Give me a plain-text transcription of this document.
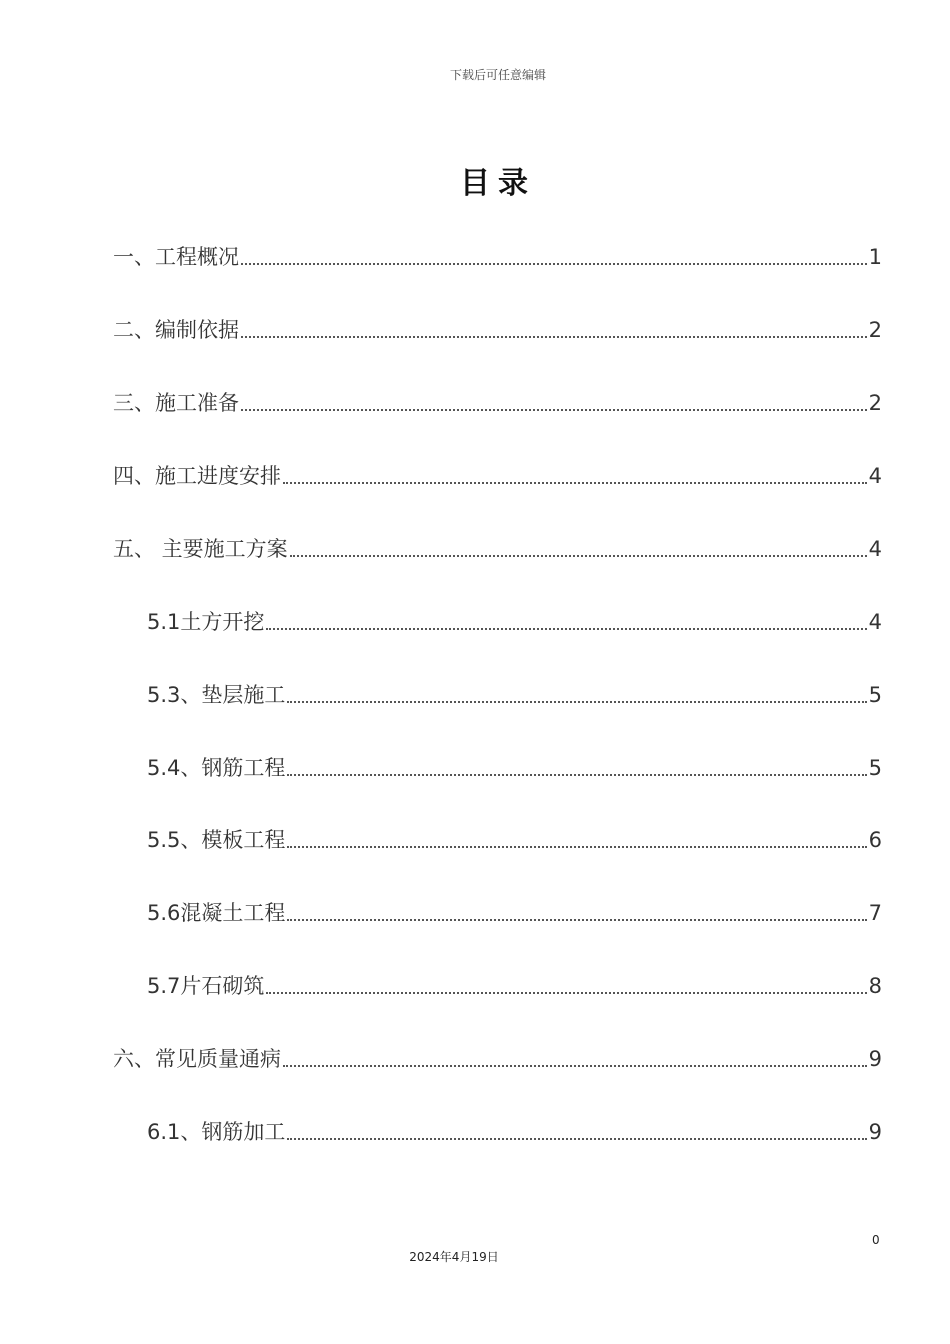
下载后可任意编辑
目录
一、工程概况	1
二、编制依据	2
三、施工准备	2
四、施工进度安排	4
五、 主要施工方案	4
5.1土方开挖	4
5.3、垫层施工	5
5.4、钢筋工程	5
5.5、模板工程	6
5.6混凝土工程	7
5.7片石砌筑	8
六、常见质量通病	9
6.1、钢筋加工	9
0
2024年4月19日
